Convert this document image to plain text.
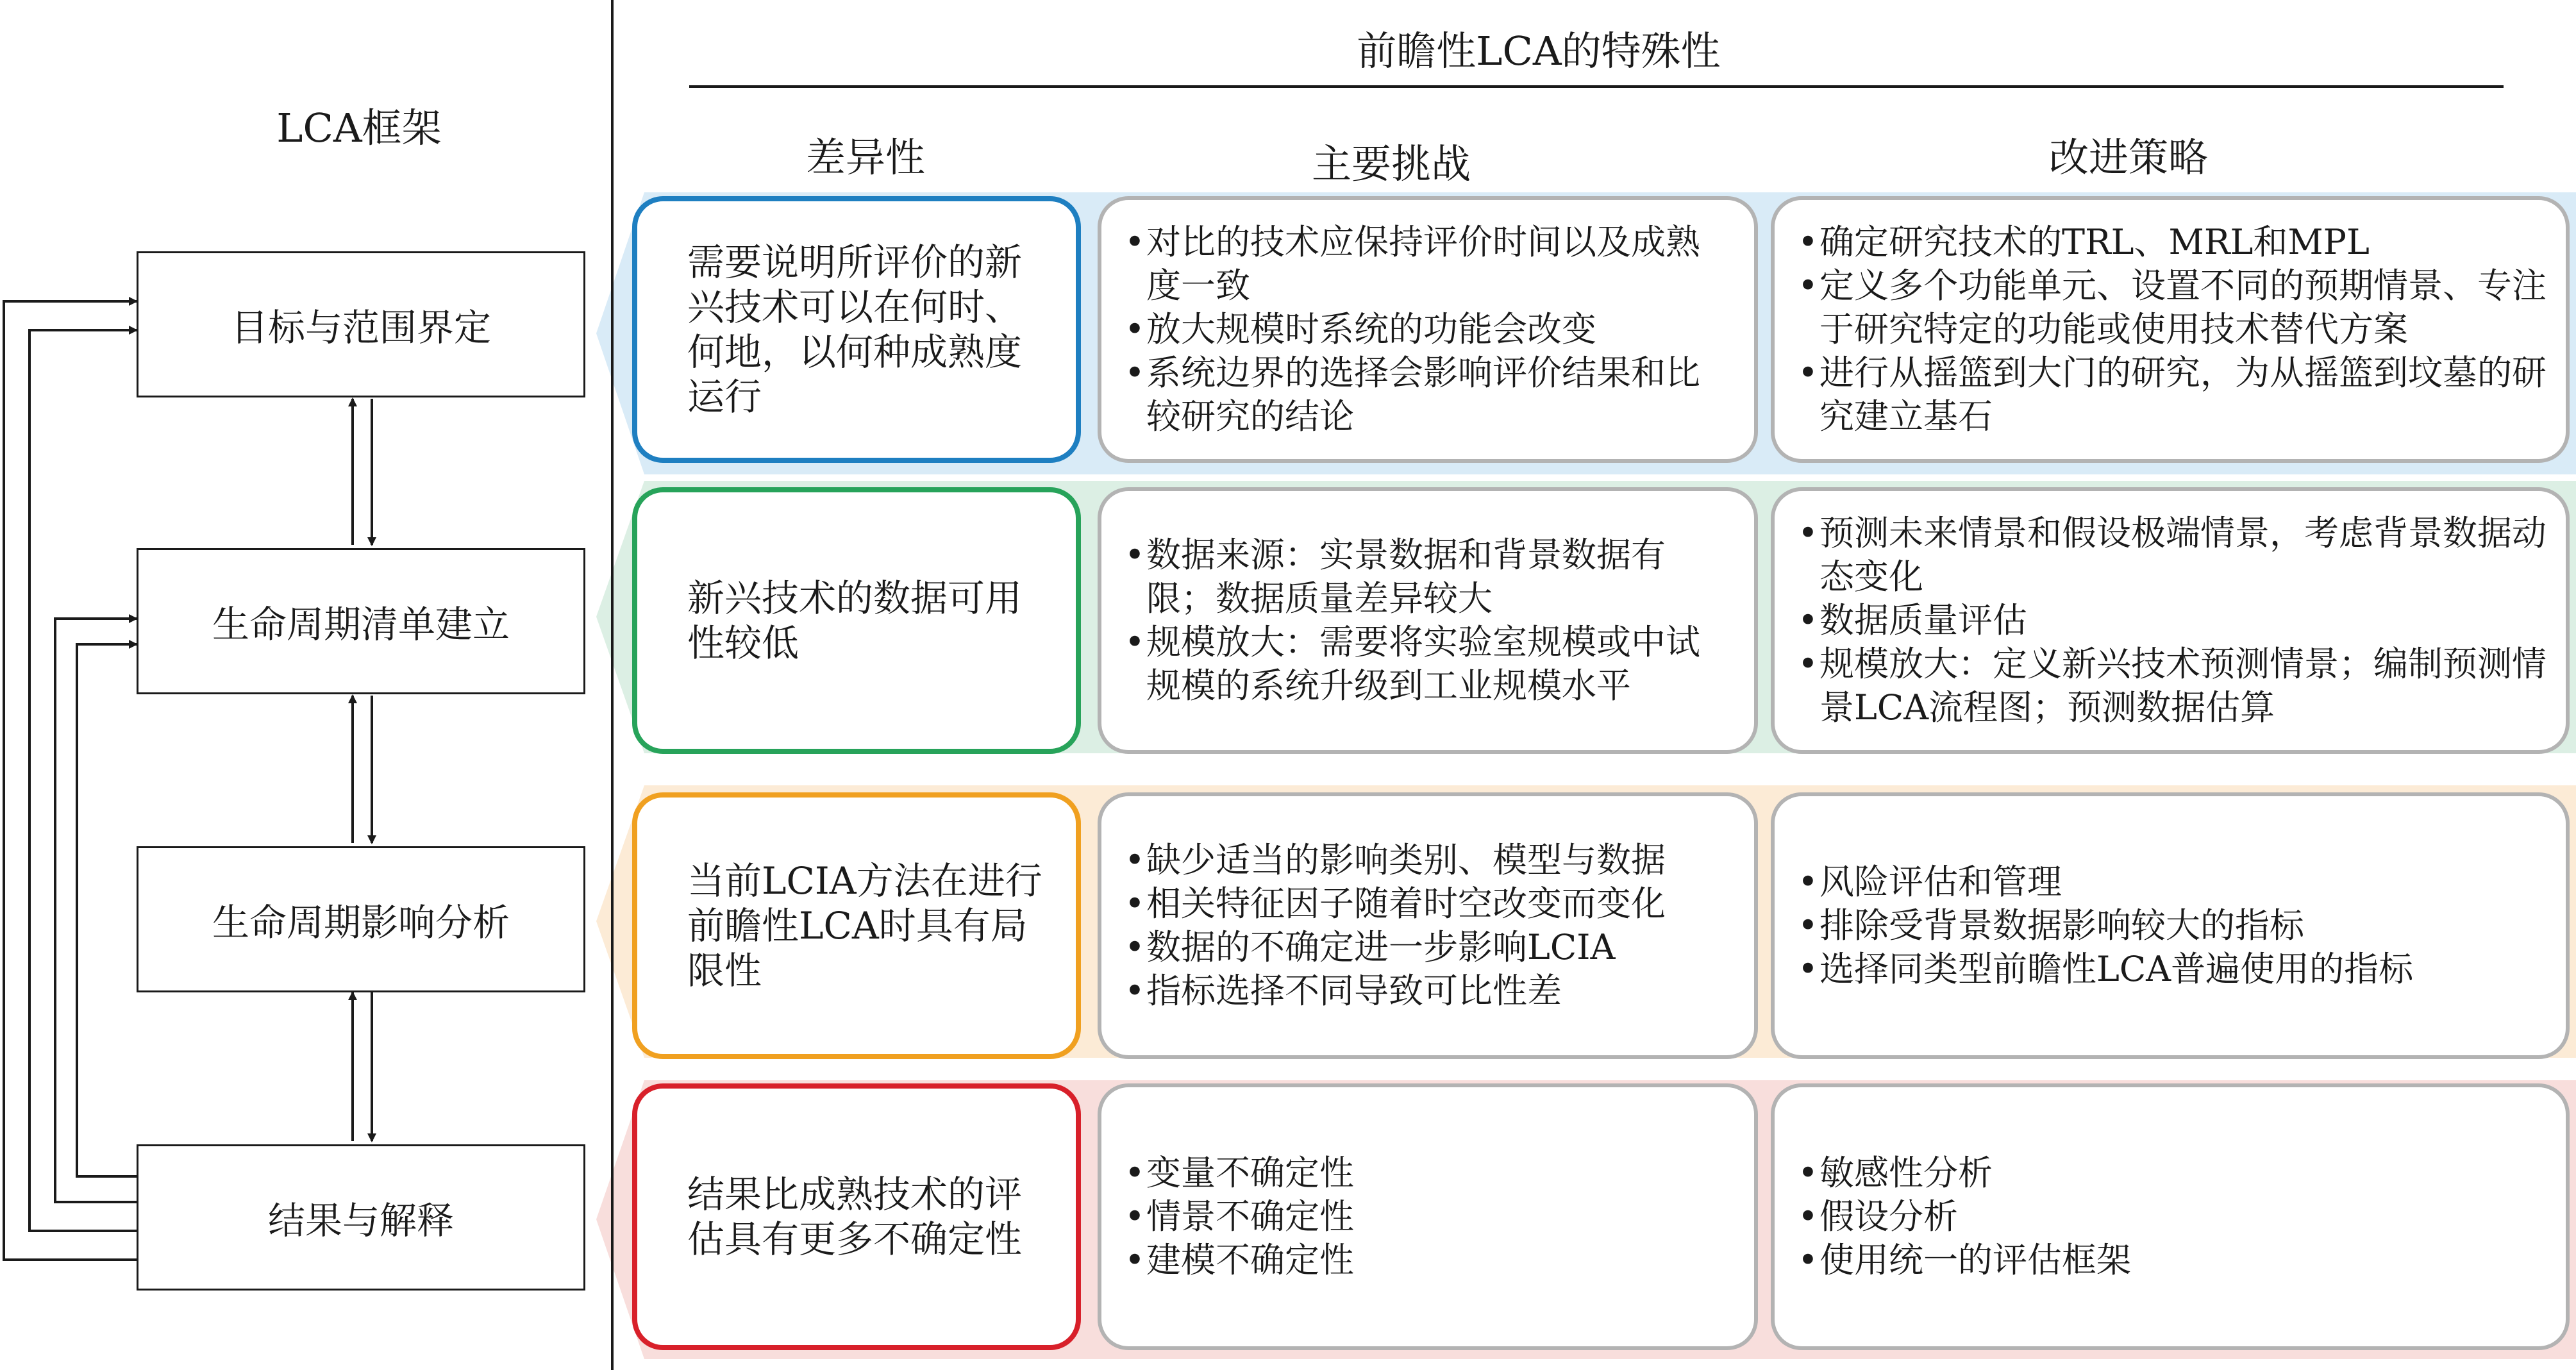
LCA框架
前瞻性LCA的特殊性
差异性	主要挑战	改进策略
目标与范围界定
生命周期清单建立
生命周期影响分析
结果与解释
需要说明所评价的新兴技术可以在何时、何地，以何种成熟度运行
• 对比的技术应保持评价时间以及成熟度一致
• 放大规模时系统的功能会改变
• 系统边界的选择会影响评价结果和比较研究的结论
• 确定研究技术的TRL、MRL和MPL
• 定义多个功能单元、设置不同的预期情景、专注于研究特定的功能或使用技术替代方案
• 进行从摇篮到大门的研究，为从摇篮到坟墓的研究建立基石
新兴技术的数据可用性较低
• 数据来源：实景数据和背景数据有限；数据质量差异较大
• 规模放大：需要将实验室规模或中试规模的系统升级到工业规模水平
• 预测未来情景和假设极端情景，考虑背景数据动态变化
• 数据质量评估
• 规模放大：定义新兴技术预测情景；编制预测情景LCA流程图；预测数据估算
当前LCIA方法在进行前瞻性LCA时具有局限性
• 缺少适当的影响类别、模型与数据
• 相关特征因子随着时空改变而变化
• 数据的不确定进一步影响LCIA
• 指标选择不同导致可比性差
• 风险评估和管理
• 排除受背景数据影响较大的指标
• 选择同类型前瞻性LCA普遍使用的指标
结果比成熟技术的评估具有更多不确定性
• 变量不确定性
• 情景不确定性
• 建模不确定性
• 敏感性分析
• 假设分析
• 使用统一的评估框架
